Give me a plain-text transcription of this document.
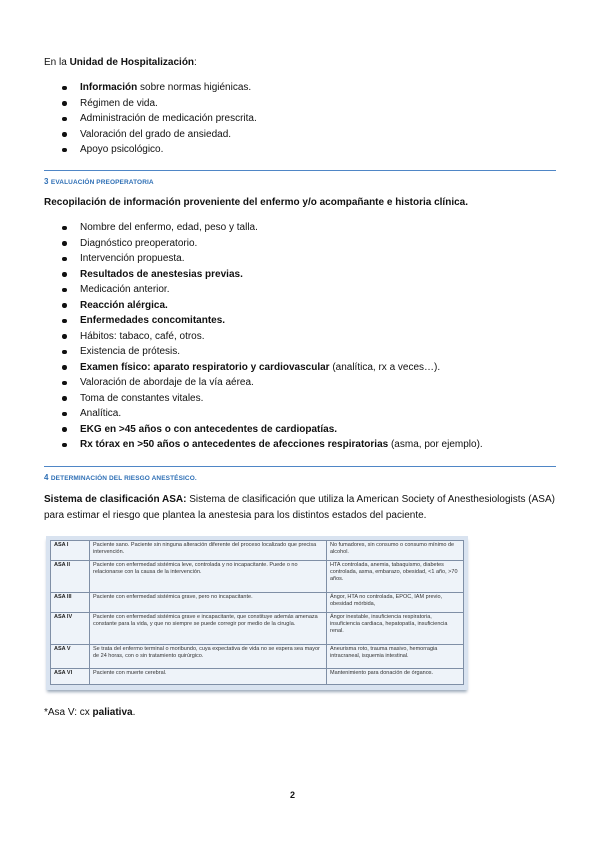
En la Unidad de Hospitalización:
Información sobre normas higiénicas.
Régimen de vida.
Administración de medicación prescrita.
Valoración del grado de ansiedad.
Apoyo psicológico.
3 EVALUACIÓN PREOPERATORIA
Recopilación de información proveniente del enfermo y/o acompañante e historia clínica.
Nombre del enfermo, edad, peso y talla.
Diagnóstico preoperatorio.
Intervención propuesta.
Resultados de anestesias previas.
Medicación anterior.
Reacción alérgica.
Enfermedades concomitantes.
Hábitos: tabaco, café, otros.
Existencia de prótesis.
Examen físico: aparato respiratorio y cardiovascular (analítica, rx a veces…).
Valoración de abordaje de la vía aérea.
Toma de constantes vitales.
Analítica.
EKG en >45 años o con antecedentes de cardiopatías.
Rx tórax en >50 años o antecedentes de afecciones respiratorias (asma, por ejemplo).
4 DETERMINACIÓN DEL RIESGO ANESTÉSICO.
Sistema de clasificación ASA: Sistema de clasificación que utiliza la American Society of Anesthesiologists (ASA)
para estimar el riesgo que plantea la anestesia para los distintos estados del paciente.
ASA I	Paciente sano. Paciente sin ninguna alteración diferente del proceso localizado que precisa intervención.	No fumadores, sin consumo o consumo mínimo de alcohol.
ASA II	Paciente con enfermedad sistémica leve, controlada y no incapacitante. Puede o no relacionarse con la causa de la intervención.	HTA controlada, anemia, tabaquismo, diabetes controlada, asma, embarazo, obesidad, <1 año, >70 años.
ASA III	Paciente con enfermedad sistémica grave, pero no incapacitante.	Ángor, HTA no controlada, EPOC, IAM previo, obesidad mórbida,
ASA IV	Paciente con enfermedad sistémica grave e incapacitante, que constituye además amenaza constante para la vida, y que no siempre se puede corregir por medio de la cirugía.	Ángor inestable, insuficiencia respiratoria, insuficiencia cardiaca, hepatopatía, insuficiencia renal.
ASA V	Se trata del enfermo terminal o moribundo, cuya expectativa de vida no se espera sea mayor de 24 horas, con o sin tratamiento quirúrgico.	Aneurisma roto, trauma masivo, hemorragia intracraneal, isquemia intestinal.
ASA VI	Paciente con muerte cerebral.	Mantenimiento para donación de órganos.
*Asa V: cx paliativa.
2
